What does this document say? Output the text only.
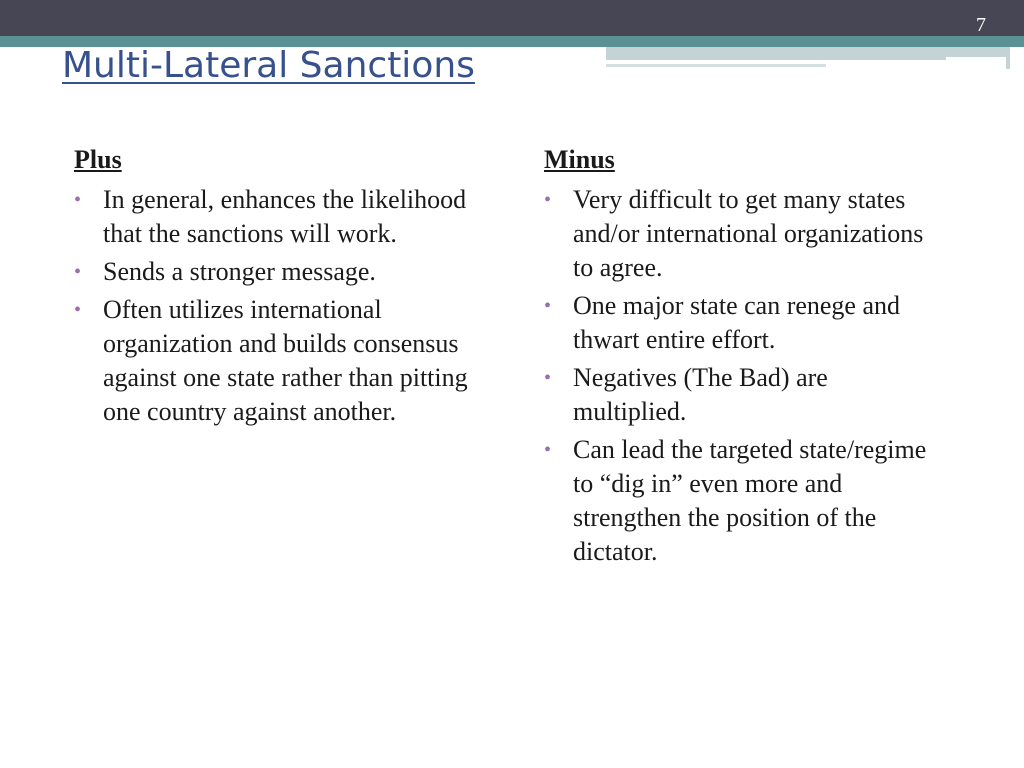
7
Multi-Lateral Sanctions
Plus
• In general, enhances the likelihood that the sanctions will work.
• Sends a stronger message.
• Often utilizes international organization and builds consensus against one state rather than pitting one country against another.
Minus
• Very difficult to get many states and/or international organizations to agree.
• One major state can renege and thwart entire effort.
• Negatives (The Bad) are multiplied.
• Can lead the targeted state/regime to “dig in” even more and strengthen the position of the dictator.
